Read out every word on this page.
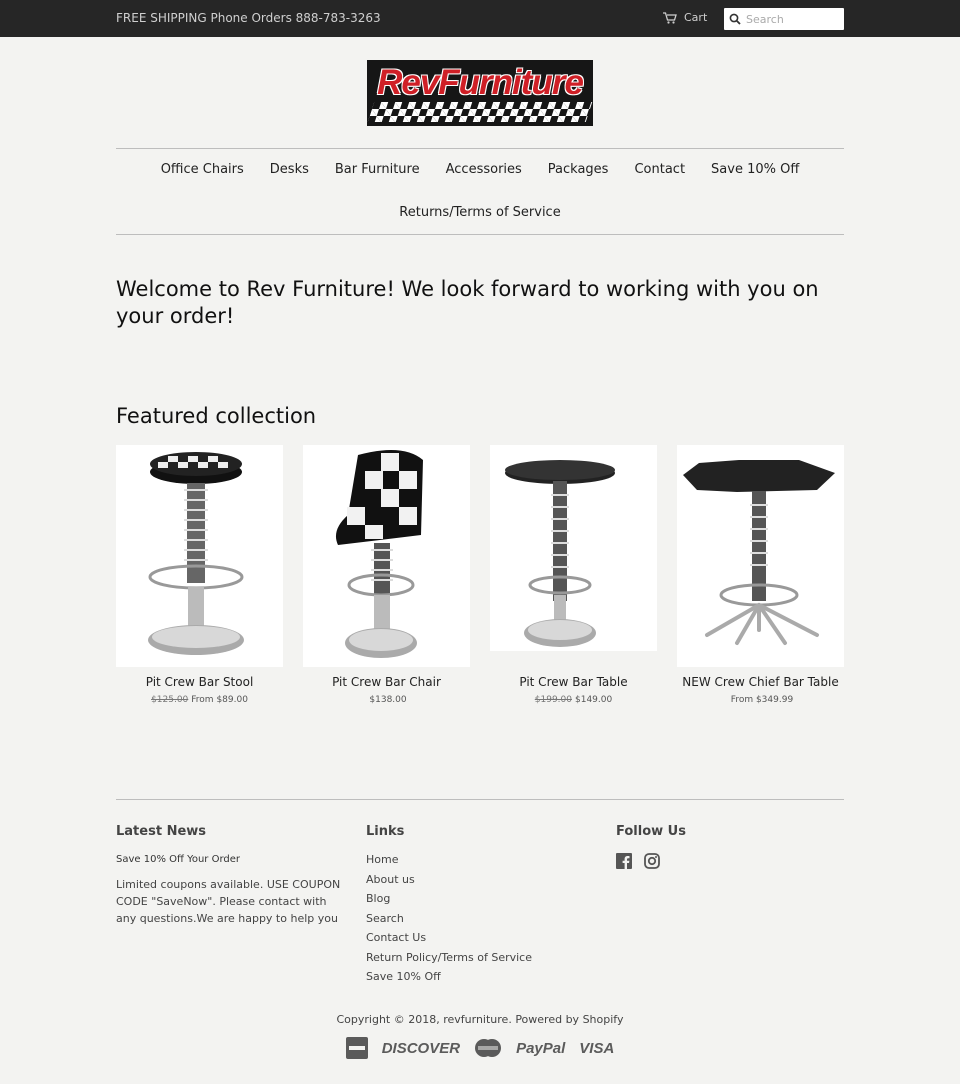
FREE SHIPPING Phone Orders 888-783-3263	Cart
Search
RevFurniture
Office Chairs Desks Bar Furniture Accessories Packages Contact Save 10% Off
Returns/Terms of Service
Welcome to Rev Furniture! We look forward to working with you on your order!
Featured collection
Pit Crew Bar Stool
$125.00 From $89.00
Pit Crew Bar Chair
$138.00
Pit Crew Bar Table
$199.00 $149.00
NEW Crew Chief Bar Table
From $349.99
Latest News
Save 10% Off Your Order

Limited coupons available. USE COUPON CODE "SaveNow". Please contact with any questions.We are happy to help you

Links
Home
About us
Blog
Search
Contact Us
Return Policy/Terms of Service
Save 10% Off
Follow Us
Copyright © 2018, revfurniture. Powered by Shopify
DISCOVER	PayPal VISA
